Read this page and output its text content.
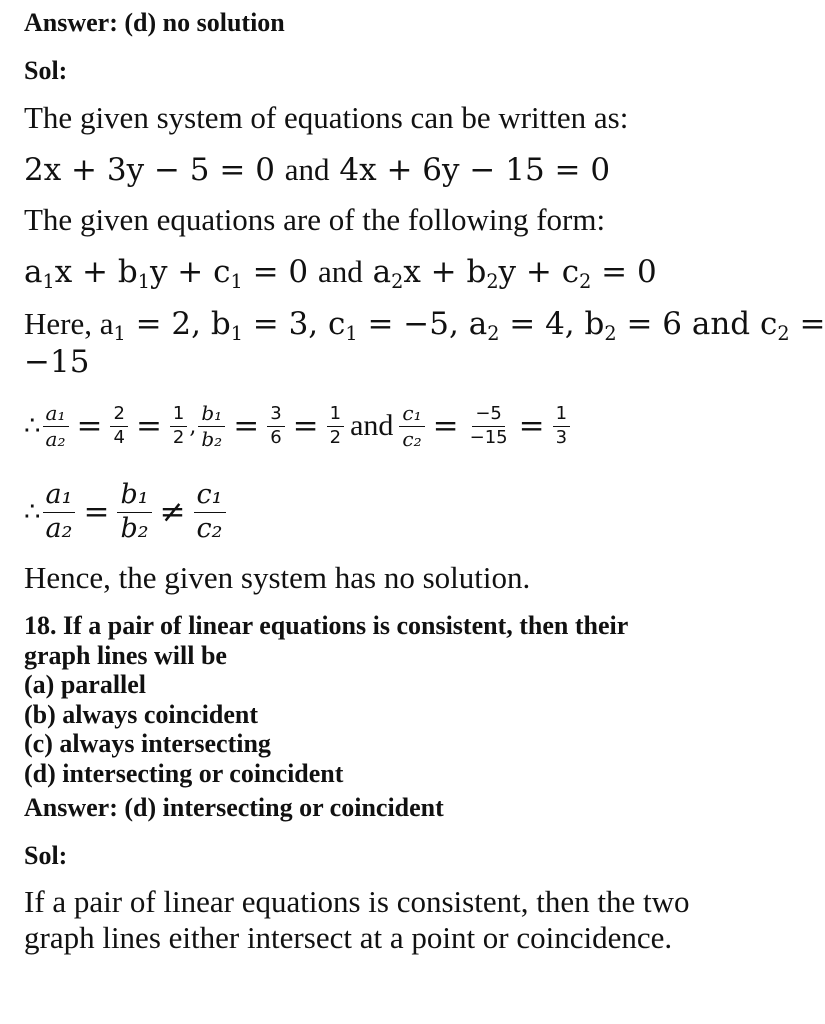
Answer: (d) no solution
Sol:
The given system of equations can be written as:
2x + 3y − 5 = 0 and 4x + 6y − 15 = 0
The given equations are of the following form:
$a_1x + b_1y + c_1 = 0$ and $a_2x + b_2y + c_2 = 0$
Here, $a_1 = 2$, $b_1 = 3$, $c_1 = -5$, $a_2 = 4$, $b_2 = 6$ and $c_2$ =
−15
∴ $\frac{\text{a₁}}{\text{a₂}} = \frac{2}{4} = \frac{1}{2}$ , $\frac{\text{b₁}}{\text{b₂}} = \frac{3}{6} = \frac{1}{2}$ and $\frac{\text{c₁}}{\text{c₂}} = \frac{-5}{-15} = \frac{1}{3}$
∴ $\frac{\text{a₁}}{\text{a₂}} = \frac{\text{b₁}}{\text{b₂}} \ne \frac{\text{c₁}}{\text{c₂}}$
Hence, the given system has no solution.
18. If a pair of linear equations is consistent, then their
graph lines will be
(a) parallel
(b) always coincident
(c) always intersecting
(d) intersecting or coincident
Answer: (d) intersecting or coincident
Sol:
If a pair of linear equations is consistent, then the two
graph lines either intersect at a point or coincidence.
